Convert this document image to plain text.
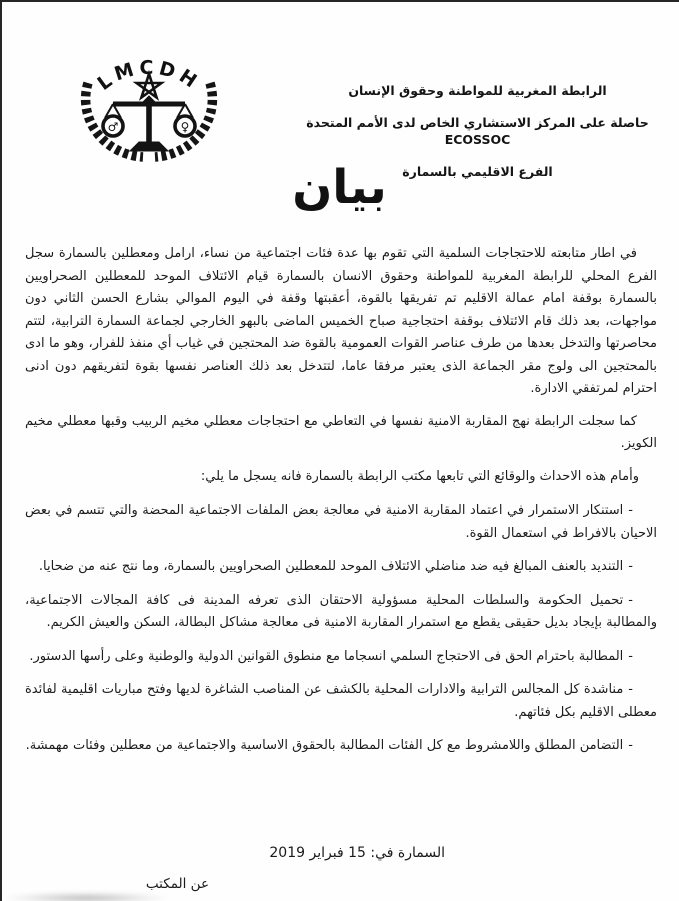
LMCDH
♂	♀
الرابطة المغربية للمواطنة وحقوق الإنسان
حاصلة على المركز الاستشاري الخاص لدى الأمم المتحدة ECOSSOC
الفرع الاقليمي بالسمارة
بيان

في اطار متابعته للاحتجاجات السلمية التي تقوم بها عدة فئات اجتماعية من نساء، ارامل ومعطلين بالسمارة سجل الفرع المحلي للرابطة المغربية للمواطنة وحقوق الانسان بالسمارة قيام الائتلاف الموحد للمعطلين الصحراويين بالسمارة بوقفة امام عمالة الاقليم تم تفريقها بالقوة، أعقبتها وقفة في اليوم الموالي بشارع الحسن الثاني دون مواجهات، بعد ذلك قام الائتلاف بوقفة احتجاجية صباح الخميس الماضى بالبهو الخارجي لجماعة السمارة الترابية، لتتم محاصرتها والتدخل بعدها من طرف عناصر القوات العمومية بالقوة ضد المحتجين في غياب أي منفذ للفرار، وهو ما ادى بالمحتجين الى ولوج مقر الجماعة الذى يعتبر مرفقا عاما، لتتدخل بعد ذلك العناصر نفسها بقوة لتفريقهم دون ادنى احترام لمرتفقي الادارة.

كما سجلت الرابطة نهج المقاربة الامنية نفسها في التعاطي مع احتجاجات معطلي مخيم الربيب وقبها معطلي مخيم الكويز.

وأمام هذه الاحداث والوقائع التي تابعها مكتب الرابطة بالسمارة فانه يسجل ما يلي:

-استنكار الاستمرار في اعتماد المقاربة الامنية في معالجة بعض الملفات الاجتماعية المحضة والتي تتسم في بعض الاحيان بالافراط في استعمال القوة.
-التنديد بالعنف المبالغ فيه ضد مناضلي الائتلاف الموحد للمعطلين الصحراويين بالسمارة، وما نتج عنه من ضحايا.
-تحميل الحكومة والسلطات المحلية مسؤولية الاحتقان الذى تعرفه المدينة فى كافة المجالات الاجتماعية، والمطالبة بإيجاد بديل حقيقى يقطع مع استمرار المقاربة الامنية فى معالجة مشاكل البطالة، السكن والعيش الكريم.
-المطالبة باحترام الحق فى الاحتجاج السلمي انسجاما مع منطوق القوانين الدولية والوطنية وعلى رأسها الدستور.
-مناشدة كل المجالس الترابية والادارات المحلية بالكشف عن المناصب الشاغرة لديها وفتح مباريات اقليمية لفائدة معطلى الاقليم بكل فئاتهم.
-التضامن المطلق واللامشروط مع كل الفئات المطالبة بالحقوق الاساسية والاجتماعية من معطلين وفئات مهمشة.
السمارة في: 15 فبراير 2019
عن المكتب
